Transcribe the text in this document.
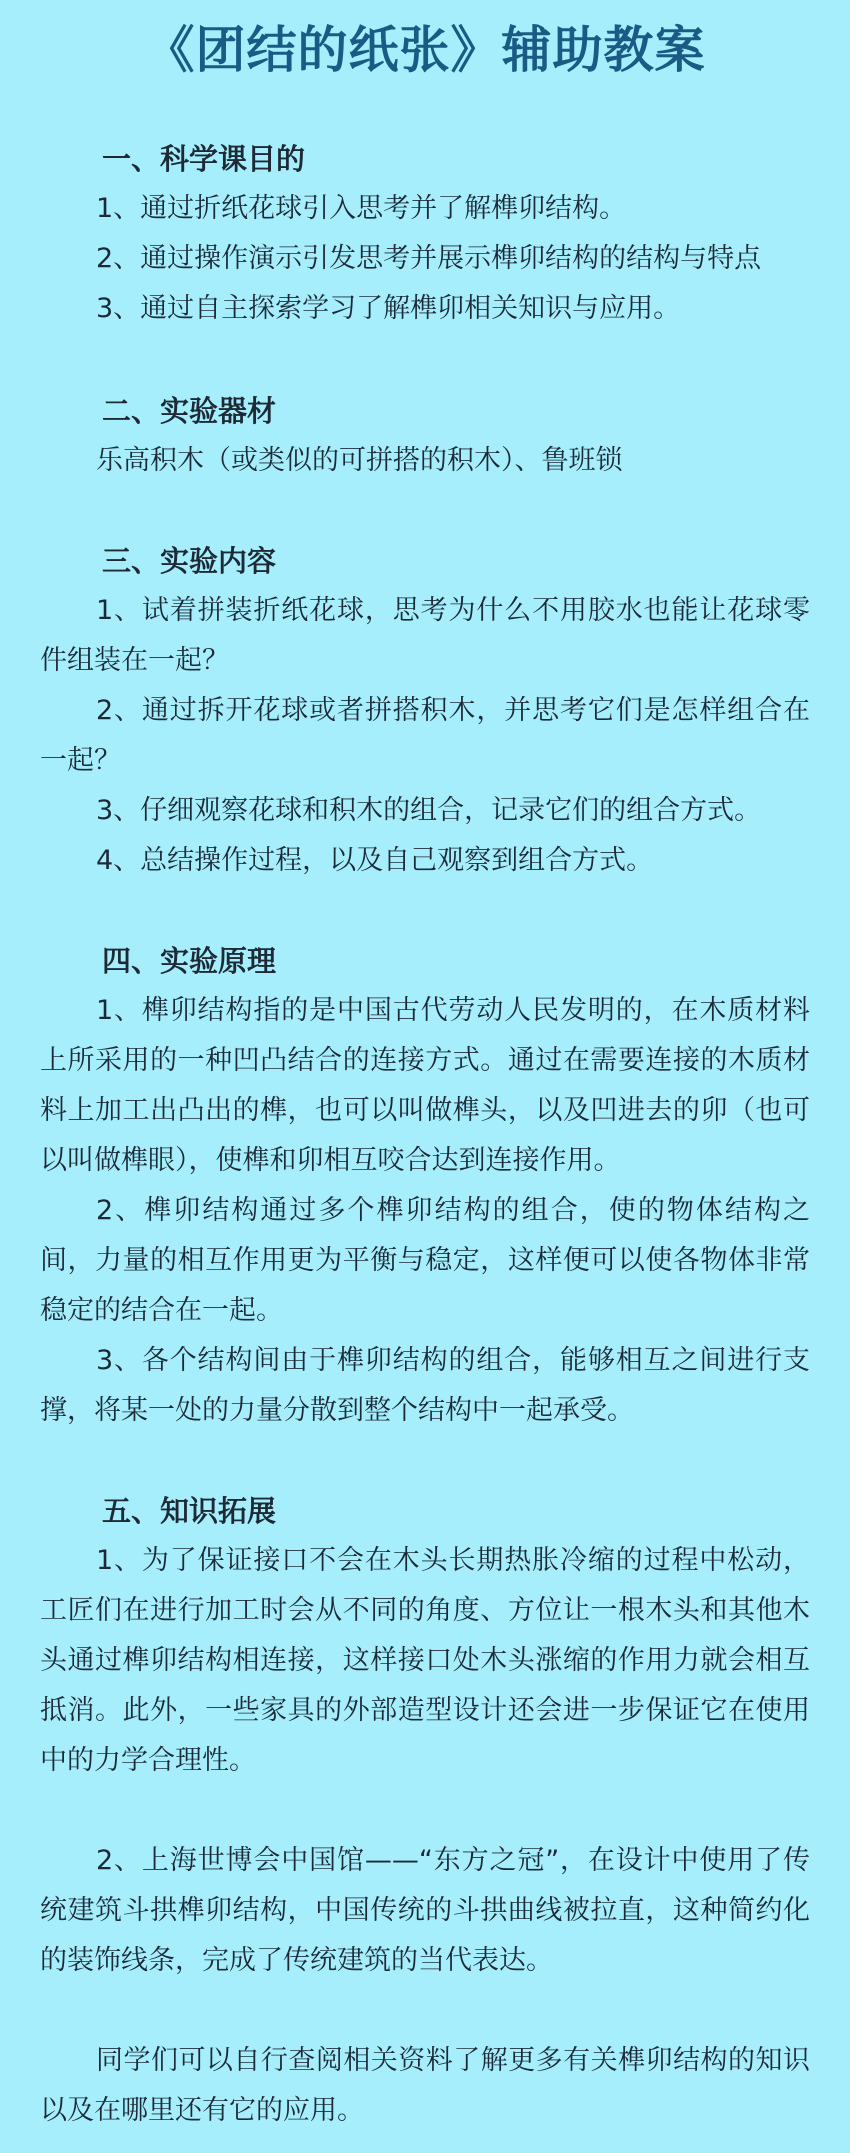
《团结的纸张》辅助教案
一、科学课目的

1、通过折纸花球引入思考并了解榫卯结构。

2、通过操作演示引发思考并展示榫卯结构的结构与特点

3、通过自主探索学习了解榫卯相关知识与应用。

二、实验器材

乐高积木（或类似的可拼搭的积木）、鲁班锁

三、实验内容

1、试着拼装折纸花球，思考为什么不用胶水也能让花球零件组装在一起？

2、通过拆开花球或者拼搭积木，并思考它们是怎样组合在一起？

3、仔细观察花球和积木的组合，记录它们的组合方式。

4、总结操作过程，以及自己观察到组合方式。

四、实验原理

1、榫卯结构指的是中国古代劳动人民发明的，在木质材料上所采用的一种凹凸结合的连接方式。通过在需要连接的木质材料上加工出凸出的榫，也可以叫做榫头，以及凹进去的卯（也可以叫做榫眼），使榫和卯相互咬合达到连接作用。

2、榫卯结构通过多个榫卯结构的组合，使的物体结构之间，力量的相互作用更为平衡与稳定，这样便可以使各物体非常稳定的结合在一起。

3、各个结构间由于榫卯结构的组合，能够相互之间进行支撑，将某一处的力量分散到整个结构中一起承受。

五、知识拓展

1、为了保证接口不会在木头长期热胀冷缩的过程中松动，工匠们在进行加工时会从不同的角度、方位让一根木头和其他木头通过榫卯结构相连接，这样接口处木头涨缩的作用力就会相互抵消。此外，一些家具的外部造型设计还会进一步保证它在使用中的力学合理性。

2、上海世博会中国馆——“东方之冠”，在设计中使用了传统建筑斗拱榫卯结构，中国传统的斗拱曲线被拉直，这种简约化的装饰线条，完成了传统建筑的当代表达。

同学们可以自行查阅相关资料了解更多有关榫卯结构的知识以及在哪里还有它的应用。
